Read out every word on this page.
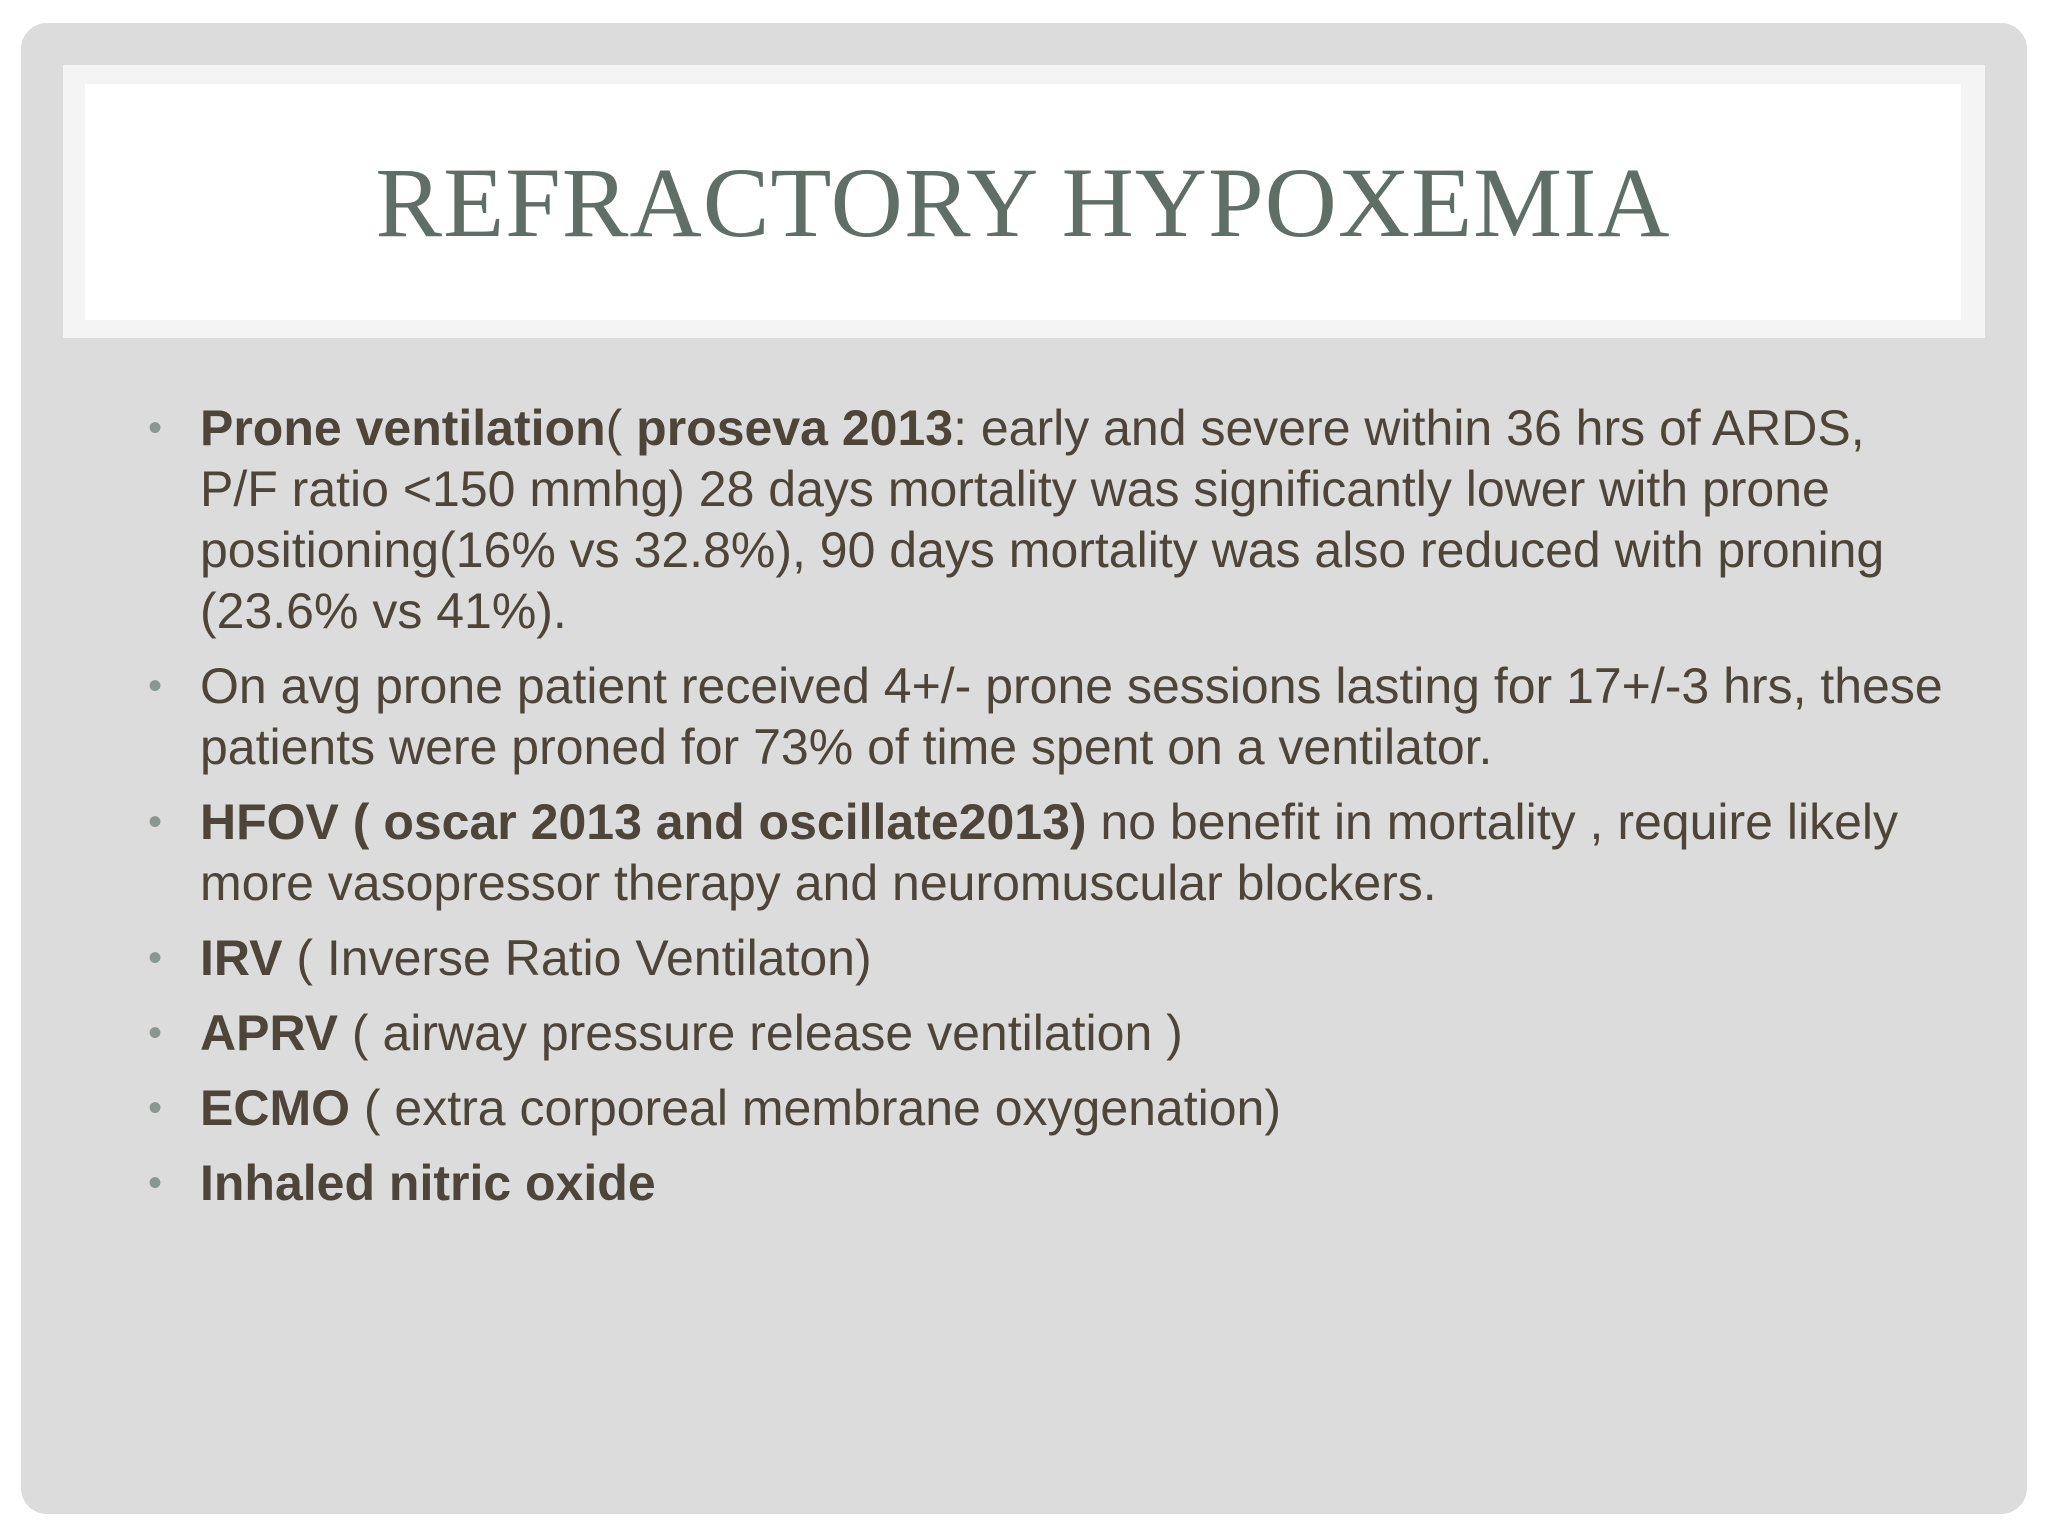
REFRACTORY HYPOXEMIA
• Prone ventilation( proseva 2013: early and severe within 36 hrs of ARDS, P/F ratio <150 mmhg) 28 days mortality was significantly lower with prone positioning(16% vs 32.8%), 90 days mortality was also reduced with proning (23.6% vs 41%).
• On avg prone patient received 4+/- prone sessions lasting for 17+/-3 hrs, these patients were proned for 73% of time spent on a ventilator.
• HFOV ( oscar 2013 and oscillate2013) no benefit in mortality , require likely more vasopressor therapy and neuromuscular blockers.
• IRV ( Inverse Ratio Ventilaton)
• APRV ( airway pressure release ventilation )
• ECMO ( extra corporeal membrane oxygenation)
• Inhaled nitric oxide
